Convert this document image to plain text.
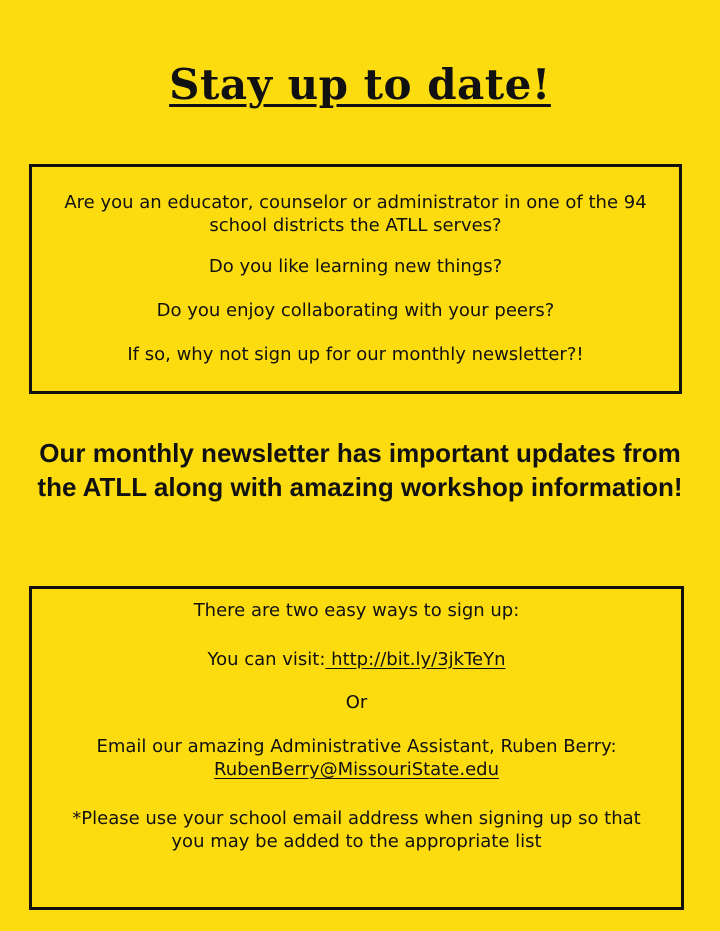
Stay up to date!

Are you an educator, counselor or administrator in one of the 94 school districts the ATLL serves?

Do you like learning new things?

Do you enjoy collaborating with your peers?

If so, why not sign up for our monthly newsletter?!

Our monthly newsletter has important updates from the ATLL along with amazing workshop information!

There are two easy ways to sign up:

You can visit: http://bit.ly/3jkTeYn

Or

Email our amazing Administrative Assistant, Ruben Berry:

RubenBerry@MissouriState.edu

*Please use your school email address when signing up so that you may be added to the appropriate list
